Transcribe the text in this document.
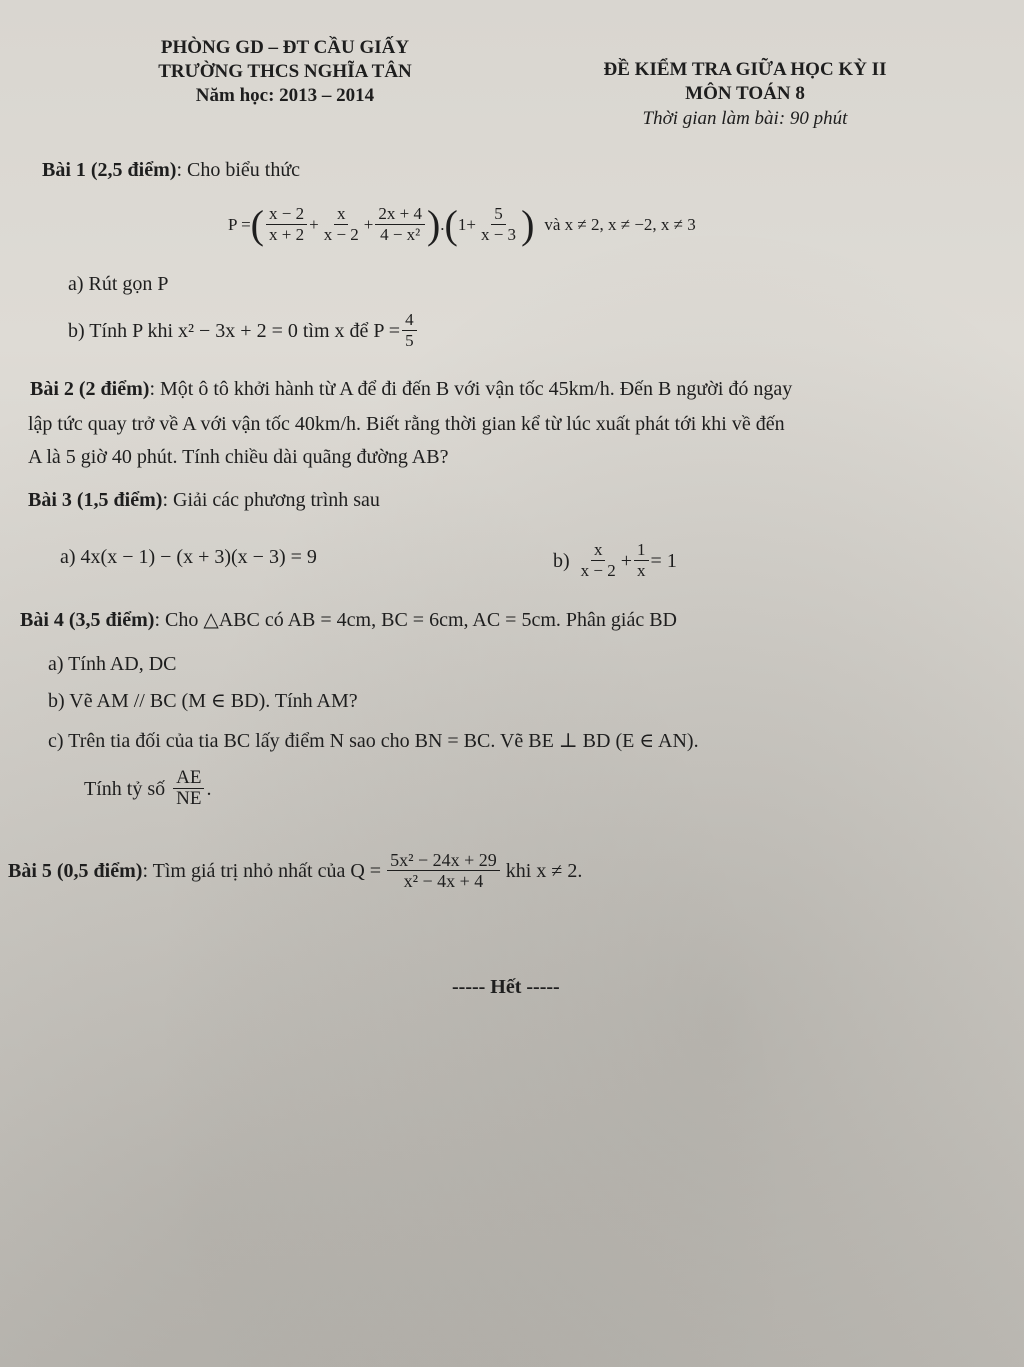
PHÒNG GD – ĐT CẦU GIẤY
TRƯỜNG THCS NGHĨA TÂN
Năm học: 2013 – 2014
ĐỀ KIỂM TRA GIỮA HỌC KỲ II
MÔN TOÁN 8
Thời gian làm bài: 90 phút
Bài 1 (2,5 điểm): Cho biểu thức
P = ( $\frac{x - 2}{x + 2} + \frac{x}{x - 2} + \frac{2x + 4}{\text{4 − x²}}$ ) . ( $1+ \frac{5}{x - 3}$ ) và x ≠ 2, x ≠ −2, x ≠ 3
a) Rút gọn P
b) Tính P khi x² − 3x + 2 = 0 tìm x để $P = \frac{4}{5}$
Bài 2 (2 điểm): Một ô tô khởi hành từ A để đi đến B với vận tốc 45km/h. Đến B người đó ngay
lập tức quay trở về A với vận tốc 40km/h. Biết rằng thời gian kể từ lúc xuất phát tới khi về đến
A là 5 giờ 40 phút. Tính chiều dài quãng đường AB?
Bài 3 (1,5 điểm): Giải các phương trình sau
a) 4x(x − 1) − (x + 3)(x − 3) = 9	$b) \frac{x}{x - 2} + \frac{1}{x} = 1$
Bài 4 (3,5 điểm): Cho △ABC có AB = 4cm, BC = 6cm, AC = 5cm. Phân giác BD
a) Tính AD, DC
b) Vẽ AM // BC (M ∈ BD). Tính AM?
c) Trên tia đối của tia BC lấy điểm N sao cho BN = BC. Vẽ BE ⊥ BD (E ∈ AN).
Tính tỷ số $\frac{AE}{NE}$ .
Bài 5 (0,5 điểm) : Tìm giá trị nhỏ nhất của $Q = \frac{\text{5x² − 24x + 29}}{\text{x² − 4x + 4}}$ khi x ≠ 2.
----- Hết -----
